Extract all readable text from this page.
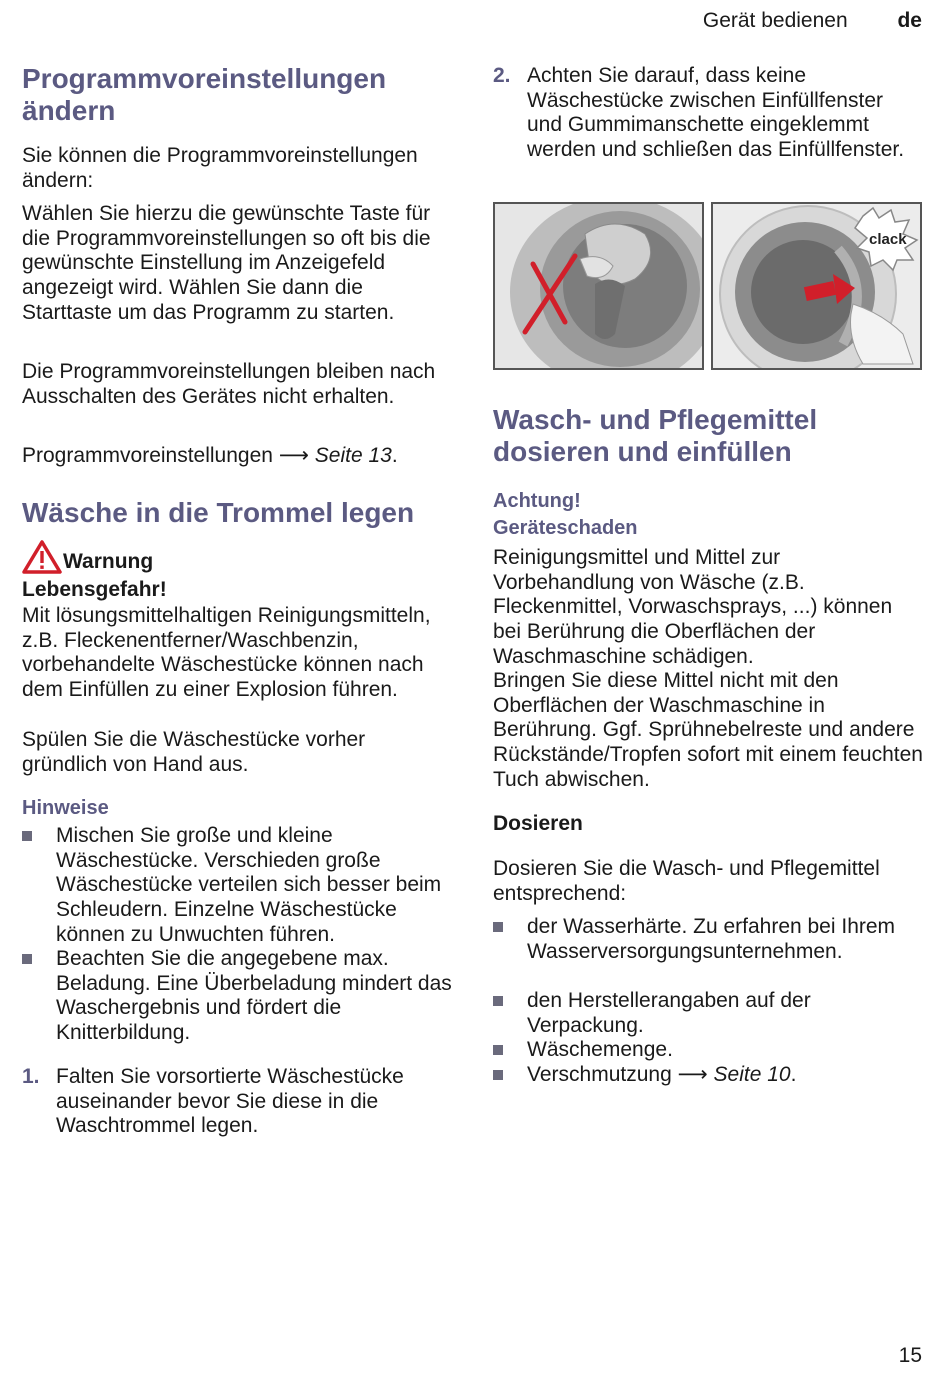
Gerät bedienen de
Programmvoreinstellungen ändern

Sie können die Programmvoreinstellungen ändern:

Wählen Sie hierzu die gewünschte Taste für die Programmvoreinstellungen so oft bis die gewünschte Einstellung im Anzeigefeld angezeigt wird. Wählen Sie dann die Starttaste um das Programm zu starten.

Die Programmvoreinstellungen bleiben nach Ausschalten des Gerätes nicht erhalten.

Programmvoreinstellungen ⟶ Seite 13.

Wäsche in die Trommel legen
Warnung
Lebensgefahr!

Mit lösungsmittelhaltigen Reinigungsmitteln, z.B. Fleckenentferner/Waschbenzin, vorbehandelte Wäschestücke können nach dem Einfüllen zu einer Explosion führen.

Spülen Sie die Wäschestücke vorher gründlich von Hand aus.

Hinweise

Mischen Sie große und kleine Wäschestücke. Verschieden große Wäschestücke verteilen sich besser beim Schleudern. Einzelne Wäschestücke können zu Unwuchten führen.

Beachten Sie die angegebene max. Beladung. Eine Überbeladung mindert das Waschergebnis und fördert die Knitterbildung.

1. Falten Sie vorsortierte Wäschestücke auseinander bevor Sie diese in die Waschtrommel legen.

2. Achten Sie darauf, dass keine Wäschestücke zwischen Einfüllfenster und Gummimanschette eingeklemmt werden und schließen das Einfüllfenster.

clack
Wasch- und Pflegemittel dosieren und einfüllen
Achtung!
Geräteschaden

Reinigungsmittel und Mittel zur Vorbehandlung von Wäsche (z.B. Fleckenmittel, Vorwaschsprays, ...) können bei Berührung die Oberflächen der Waschmaschine schädigen.

Bringen Sie diese Mittel nicht mit den Oberflächen der Waschmaschine in Berührung. Ggf. Sprühnebelreste und andere Rückstände/Tropfen sofort mit einem feuchten Tuch abwischen.

Dosieren

Dosieren Sie die Wasch- und Pflegemittel entsprechend:

der Wasserhärte. Zu erfahren bei Ihrem Wasserversorgungsunternehmen.

den Herstellerangaben auf der Verpackung.

Wäschemenge.

Verschmutzung ⟶ Seite 10.

15
